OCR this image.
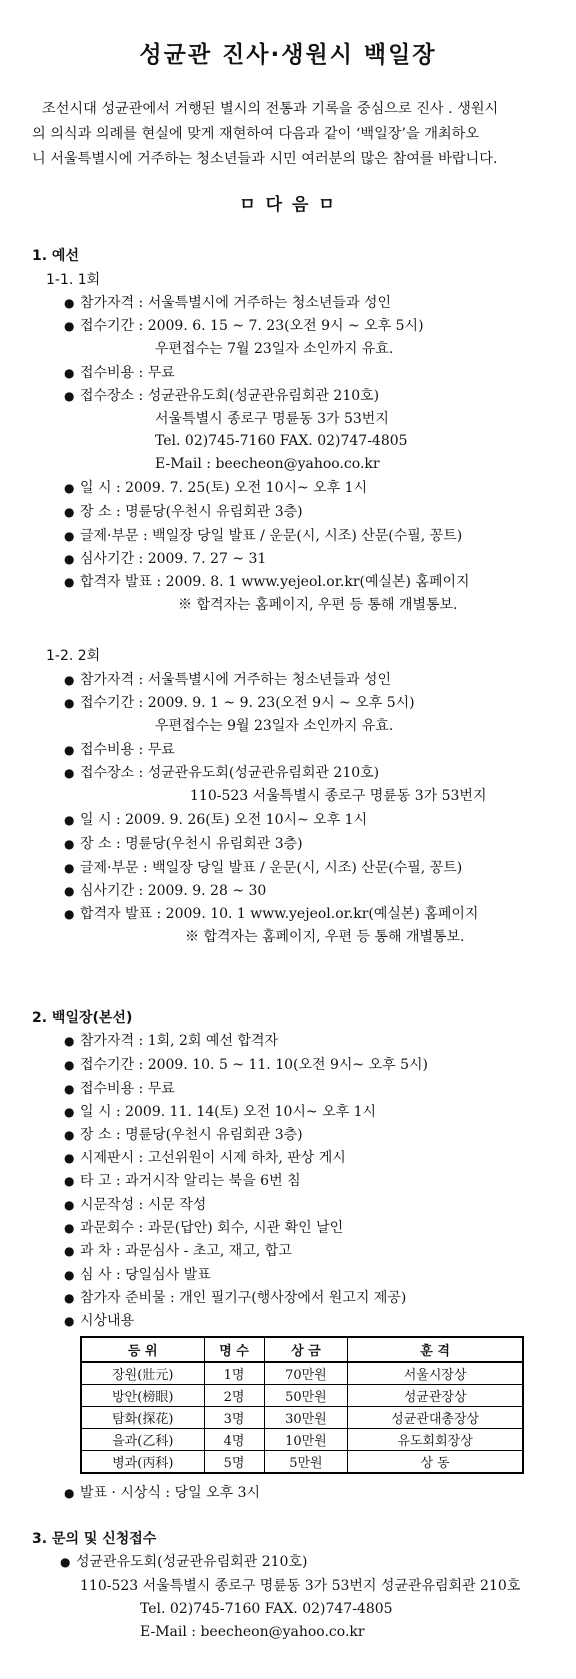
성균관 진사·생원시 백일장
조선시대 성균관에서 거행된 별시의 전통과 기록을 중심으로 진사 . 생원시
의 의식과 의례를 현실에 맞게 재현하여 다음과 같이 ‘백일장’을 개최하오
니 서울특별시에 거주하는 청소년들과 시민 여러분의 많은 참여를 바랍니다.
ㅁ 다 음 ㅁ
1. 예선
1-1. 1회
● 참가자격 : 서울특별시에 거주하는 청소년들과 성인
● 접수기간 : 2009. 6. 15 ~ 7. 23(오전 9시 ~ 오후 5시)
우편접수는 7월 23일자 소인까지 유효.
● 접수비용 : 무료
● 접수장소 : 성균관유도회(성균관유림회관 210호)
서울특별시 종로구 명륜동 3가 53번지
Tel. 02)745-7160 FAX. 02)747-4805
E-Mail : beecheon@yahoo.co.kr
● 일 시 : 2009. 7. 25(토) 오전 10시~ 오후 1시
● 장 소 : 명륜당(우천시 유림회관 3층)
● 글제·부문 : 백일장 당일 발표 / 운문(시, 시조) 산문(수필, 꽁트)
● 심사기간 : 2009. 7. 27 ~ 31
● 합격자 발표 : 2009. 8. 1 www.yejeol.or.kr(예실본) 홈페이지
※ 합격자는 홈페이지, 우편 등 통해 개별통보.
1-2. 2회
● 참가자격 : 서울특별시에 거주하는 청소년들과 성인
● 접수기간 : 2009. 9. 1 ~ 9. 23(오전 9시 ~ 오후 5시)
우편접수는 9월 23일자 소인까지 유효.
● 접수비용 : 무료
● 접수장소 : 성균관유도회(성균관유림회관 210호)
110-523 서울특별시 종로구 명륜동 3가 53번지
● 일 시 : 2009. 9. 26(토) 오전 10시~ 오후 1시
● 장 소 : 명륜당(우천시 유림회관 3층)
● 글제·부문 : 백일장 당일 발표 / 운문(시, 시조) 산문(수필, 꽁트)
● 심사기간 : 2009. 9. 28 ~ 30
● 합격자 발표 : 2009. 10. 1 www.yejeol.or.kr(예실본) 홈페이지
※ 합격자는 홈페이지, 우편 등 통해 개별통보.
2. 백일장(본선)
● 참가자격 : 1회, 2회 예선 합격자
● 접수기간 : 2009. 10. 5 ~ 11. 10(오전 9시~ 오후 5시)
● 접수비용 : 무료
● 일 시 : 2009. 11. 14(토) 오전 10시~ 오후 1시
● 장 소 : 명륜당(우천시 유림회관 3층)
● 시제판시 : 고선위원이 시제 하차, 판상 게시
● 타 고 : 과거시작 알리는 북을 6번 침
● 시문작성 : 시문 작성
● 과문회수 : 과문(답안) 회수, 시관 확인 날인
● 과 차 : 과문심사 - 초고, 재고, 합고
● 심 사 : 당일심사 발표
● 참가자 준비물 : 개인 필기구(행사장에서 원고지 제공)
● 시상내용
등 위	명 수	상 금	훈 격
장원(壯元)	1명	70만원	서울시장상
방안(榜眼)	2명	50만원	성균관장상
탐화(探花)	3명	30만원	성균관대총장상
을과(乙科)	4명	10만원	유도회회장상
병과(丙科)	5명	5만원	상 동
● 발표 · 시상식 : 당일 오후 3시
3. 문의 및 신청접수
● 성균관유도회(성균관유림회관 210호)
110-523 서울특별시 종로구 명륜동 3가 53번지 성균관유림회관 210호
Tel. 02)745-7160 FAX. 02)747-4805
E-Mail : beecheon@yahoo.co.kr
